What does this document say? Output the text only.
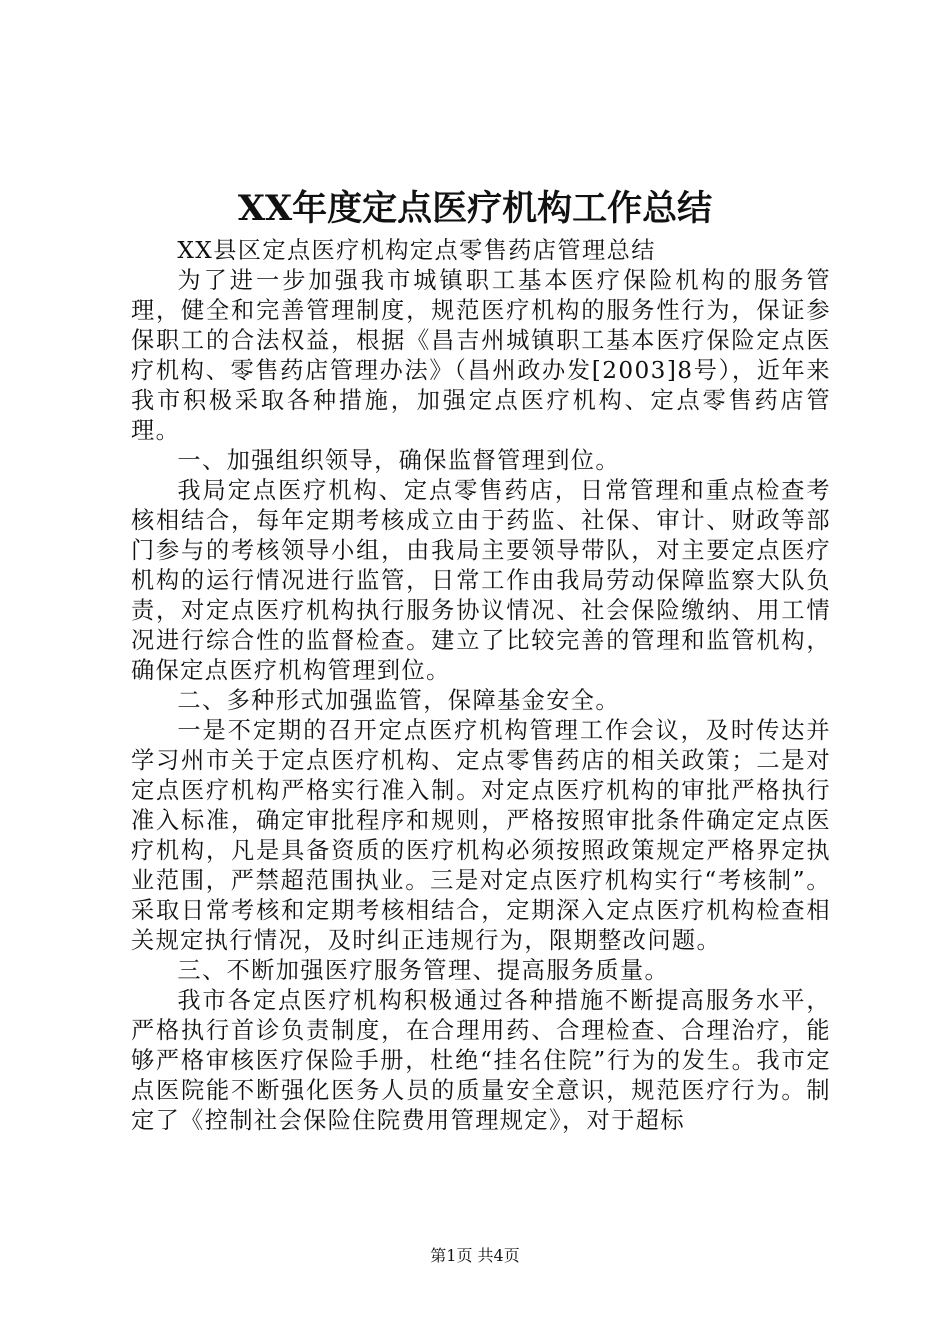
XX年度定点医疗机构工作总结

XX县区定点医疗机构定点零售药店管理总结

为了进一步加强我市城镇职工基本医疗保险机构的服务管理，健全和完善管理制度，规范医疗机构的服务性行为，保证参保职工的合法权益，根据《昌吉州城镇职工基本医疗保险定点医疗机构、零售药店管理办法》（昌州政办发[2003]8号），近年来我市积极采取各种措施，加强定点医疗机构、定点零售药店管理。

一、加强组织领导，确保监督管理到位。

我局定点医疗机构、定点零售药店，日常管理和重点检查考核相结合，每年定期考核成立由于药监、社保、审计、财政等部门参与的考核领导小组，由我局主要领导带队，对主要定点医疗机构的运行情况进行监管，日常工作由我局劳动保障监察大队负责，对定点医疗机构执行服务协议情况、社会保险缴纳、用工情况进行综合性的监督检查。建立了比较完善的管理和监管机构，确保定点医疗机构管理到位。

二、多种形式加强监管，保障基金安全。

一是不定期的召开定点医疗机构管理工作会议，及时传达并学习州市关于定点医疗机构、定点零售药店的相关政策；二是对定点医疗机构严格实行准入制。对定点医疗机构的审批严格执行准入标准，确定审批程序和规则，严格按照审批条件确定定点医疗机构，凡是具备资质的医疗机构必须按照政策规定严格界定执业范围，严禁超范围执业。三是对定点医疗机构实行“考核制”。采取日常考核和定期考核相结合，定期深入定点医疗机构检查相关规定执行情况，及时纠正违规行为，限期整改问题。

三、不断加强医疗服务管理、提高服务质量。

我市各定点医疗机构积极通过各种措施不断提高服务水平，严格执行首诊负责制度，在合理用药、合理检查、合理治疗，能够严格审核医疗保险手册，杜绝“挂名住院”行为的发生。我市定点医院能不断强化医务人员的质量安全意识，规范医疗行为。制定了《控制社会保险住院费用管理规定》，对于超标

第1页 共4页
